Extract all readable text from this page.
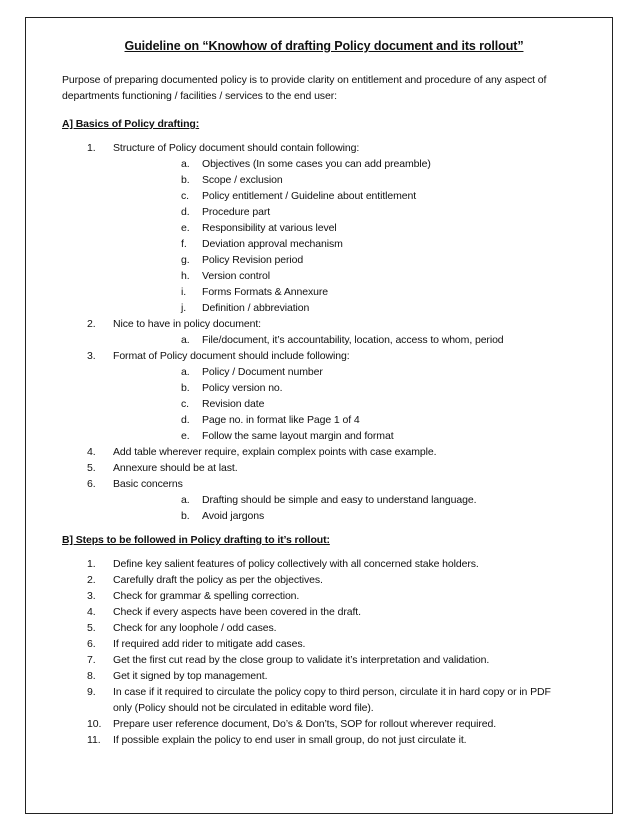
Guideline on “Knowhow of drafting Policy document and its rollout”
Purpose of preparing documented policy is to provide clarity on entitlement and procedure of any aspect of departments functioning / facilities / services to the end user:
A] Basics of Policy drafting:
1.	Structure of Policy document should contain following:
a. Objectives (In some cases you can add preamble)
b. Scope / exclusion
c. Policy entitlement / Guideline about entitlement
d. Procedure part
e. Responsibility at various level
f. Deviation approval mechanism
g. Policy Revision period
h. Version control
i. Forms Formats & Annexure
j. Definition / abbreviation
2.	Nice to have in policy document:
a. File/document, it’s accountability, location, access to whom, period
3.	Format of Policy document should include following:
a. Policy / Document number
b. Policy version no.
c. Revision date
d. Page no. in format like Page 1 of 4
e. Follow the same layout margin and format
4.	Add table wherever require, explain complex points with case example.
5.	Annexure should be at last.
6.	Basic concerns
a. Drafting should be simple and easy to understand language.
b. Avoid jargons
B] Steps to be followed in Policy drafting to it’s rollout:
1.	Define key salient features of policy collectively with all concerned stake holders.
2.	Carefully draft the policy as per the objectives.
3.	Check for grammar & spelling correction.
4.	Check if every aspects have been covered in the draft.
5.	Check for any loophole / odd cases.
6.	If required add rider to mitigate add cases.
7.	Get the first cut read by the close group to validate it’s interpretation and validation.
8.	Get it signed by top management.
9.	In case if it required to circulate the policy copy to third person, circulate it in hard copy or in PDF only (Policy should not be circulated in editable word file).
10.	Prepare user reference document, Do’s & Don’ts, SOP for rollout wherever required.
11.	If possible explain the policy to end user in small group, do not just circulate it.
